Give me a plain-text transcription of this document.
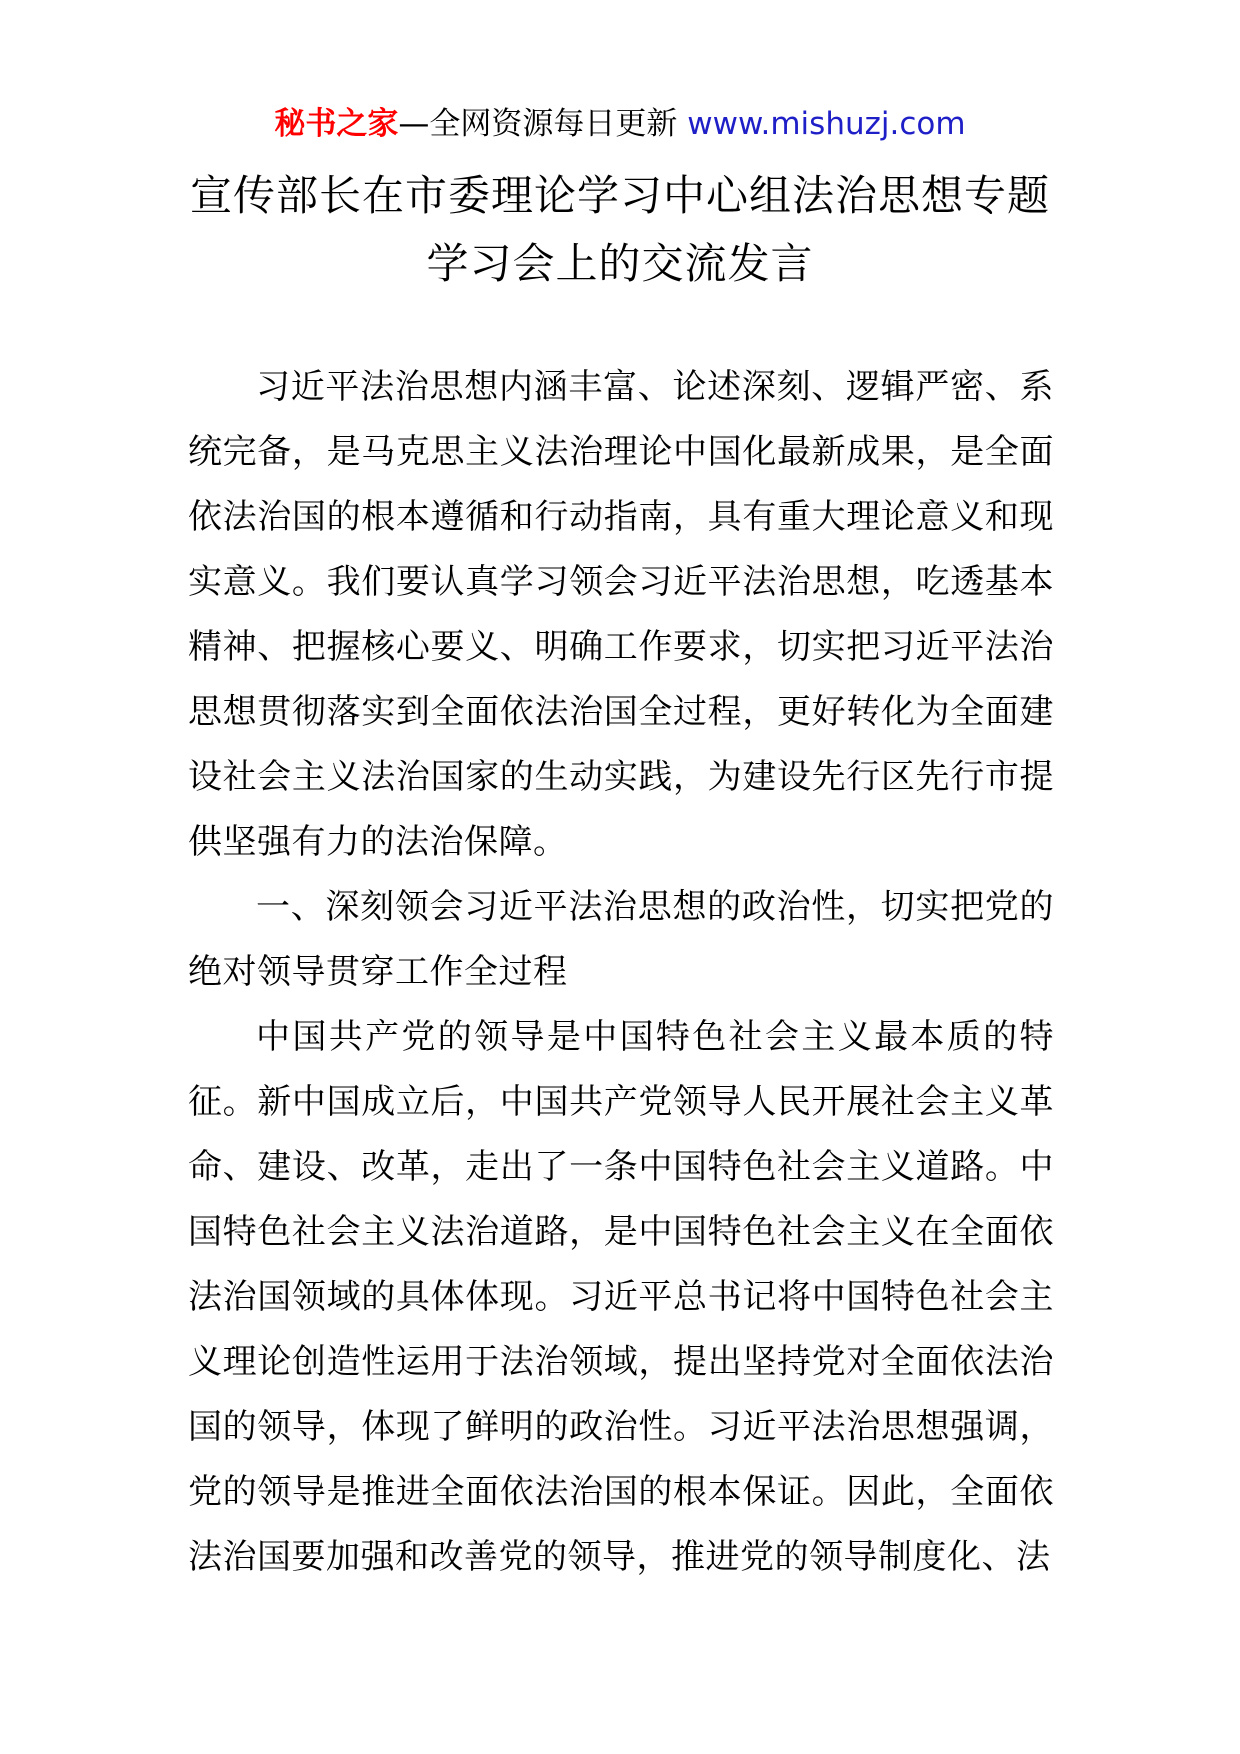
秘书之家—全网资源每日更新 www.mishuzj.com
宣传部长在市委理论学习中心组法治思想专题
学习会上的交流发言

习近平法治思想内涵丰富、论述深刻、逻辑严密、系统完备，是马克思主义法治理论中国化最新成果，是全面依法治国的根本遵循和行动指南，具有重大理论意义和现实意义。我们要认真学习领会习近平法治思想，吃透基本精神、把握核心要义、明确工作要求，切实把习近平法治思想贯彻落实到全面依法治国全过程，更好转化为全面建设社会主义法治国家的生动实践，为建设先行区先行市提供坚强有力的法治保障。

一、深刻领会习近平法治思想的政治性，切实把党的绝对领导贯穿工作全过程

中国共产党的领导是中国特色社会主义最本质的特征。新中国成立后，中国共产党领导人民开展社会主义革命、建设、改革，走出了一条中国特色社会主义道路。中国特色社会主义法治道路，是中国特色社会主义在全面依法治国领域的具体体现。习近平总书记将中国特色社会主义理论创造性运用于法治领域，提出坚持党对全面依法治国的领导，体现了鲜明的政治性。习近平法治思想强调，党的领导是推进全面依法治国的根本保证。因此，全面依法治国要加强和改善党的领导，推进党的领导制度化、法
